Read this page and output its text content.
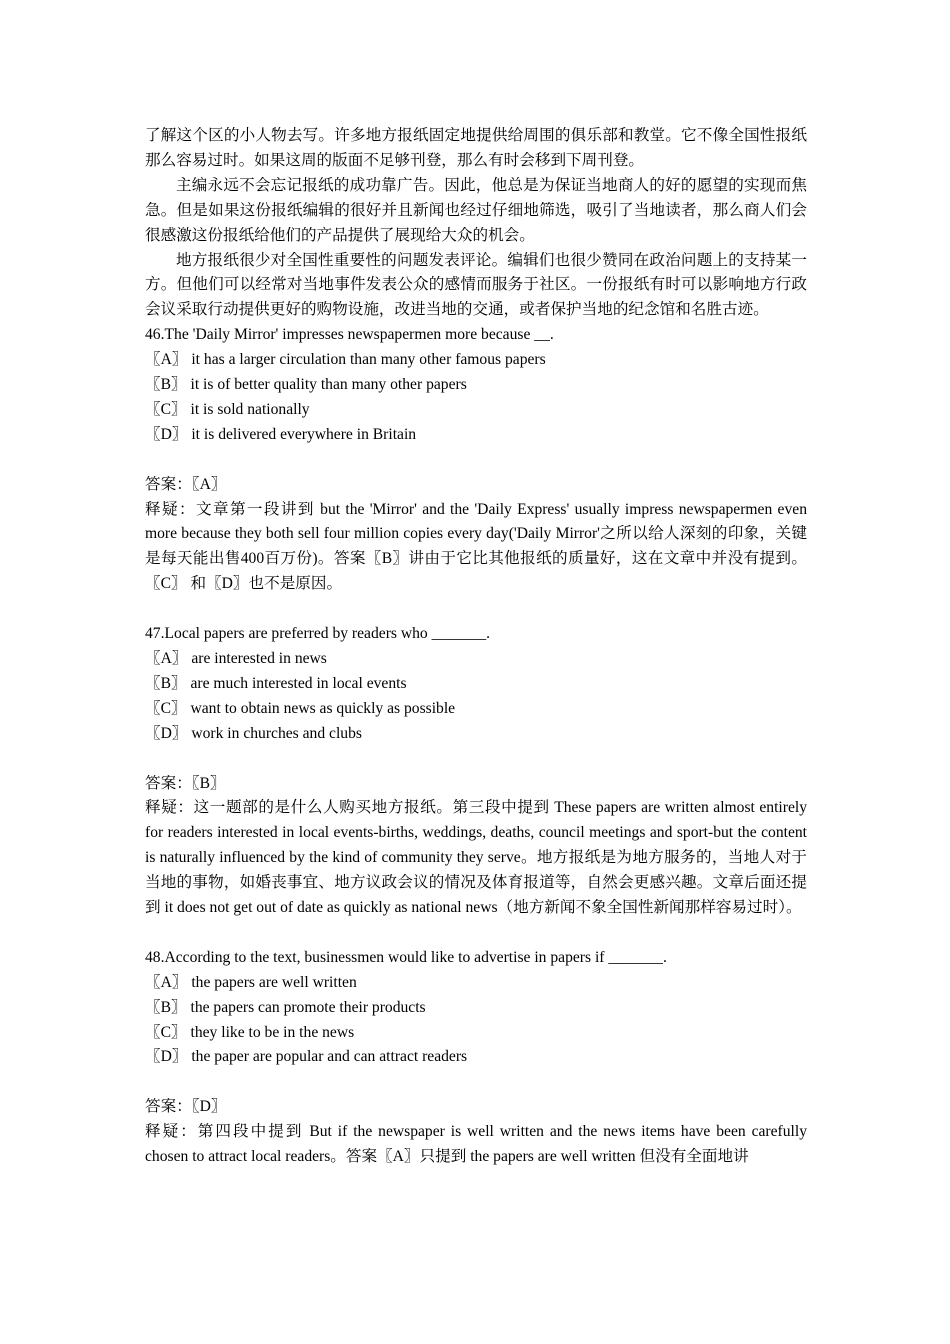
了解这个区的小人物去写。许多地方报纸固定地提供给周围的俱乐部和教堂。它不像全国性报纸那么容易过时。如果这周的版面不足够刊登，那么有时会移到下周刊登。

主编永远不会忘记报纸的成功靠广告。因此，他总是为保证当地商人的好的愿望的实现而焦急。但是如果这份报纸编辑的很好并且新闻也经过仔细地筛选，吸引了当地读者，那么商人们会很感激这份报纸给他们的产品提供了展现给大众的机会。

地方报纸很少对全国性重要性的问题发表评论。编辑们也很少赞同在政治问题上的支持某一方。但他们可以经常对当地事件发表公众的感情而服务于社区。一份报纸有时可以影响地方行政会议采取行动提供更好的购物设施，改进当地的交通，或者保护当地的纪念馆和名胜古迹。

46.The 'Daily Mirror' impresses newspapermen more because __.

〖A〗 it has a larger circulation than many other famous papers

〖B〗 it is of better quality than many other papers

〖C〗 it is sold nationally

〖D〗 it is delivered everywhere in Britain

答案：〖A〗

释疑：文章第一段讲到 but the 'Mirror' and the 'Daily Express' usually impress newspapermen even more because they both sell four million copies every day('Daily Mirror'之所以给人深刻的印象，关键是每天能出售400百万份)。答案〖B〗讲由于它比其他报纸的质量好，这在文章中并没有提到。〖C〗 和〖D〗也不是原因。

47.Local papers are preferred by readers who _______.

〖A〗 are interested in news

〖B〗 are much interested in local events

〖C〗 want to obtain news as quickly as possible

〖D〗 work in churches and clubs

答案：〖B〗

释疑：这一题部的是什么人购买地方报纸。第三段中提到 These papers are written almost entirely for readers interested in local events-births, weddings, deaths, council meetings and sport-but the content is naturally influenced by the kind of community they serve。地方报纸是为地方服务的，当地人对于当地的事物，如婚丧事宜、地方议政会议的情况及体育报道等，自然会更感兴趣。文章后面还提到 it does not get out of date as quickly as national news（地方新闻不象全国性新闻那样容易过时）。

48.According to the text, businessmen would like to advertise in papers if _______.

〖A〗 the papers are well written

〖B〗 the papers can promote their products

〖C〗 they like to be in the news

〖D〗 the paper are popular and can attract readers

答案：〖D〗

释疑：第四段中提到 But if the newspaper is well written and the news items have been carefully chosen to attract local readers。答案〖A〗只提到 the papers are well written 但没有全面地讲
